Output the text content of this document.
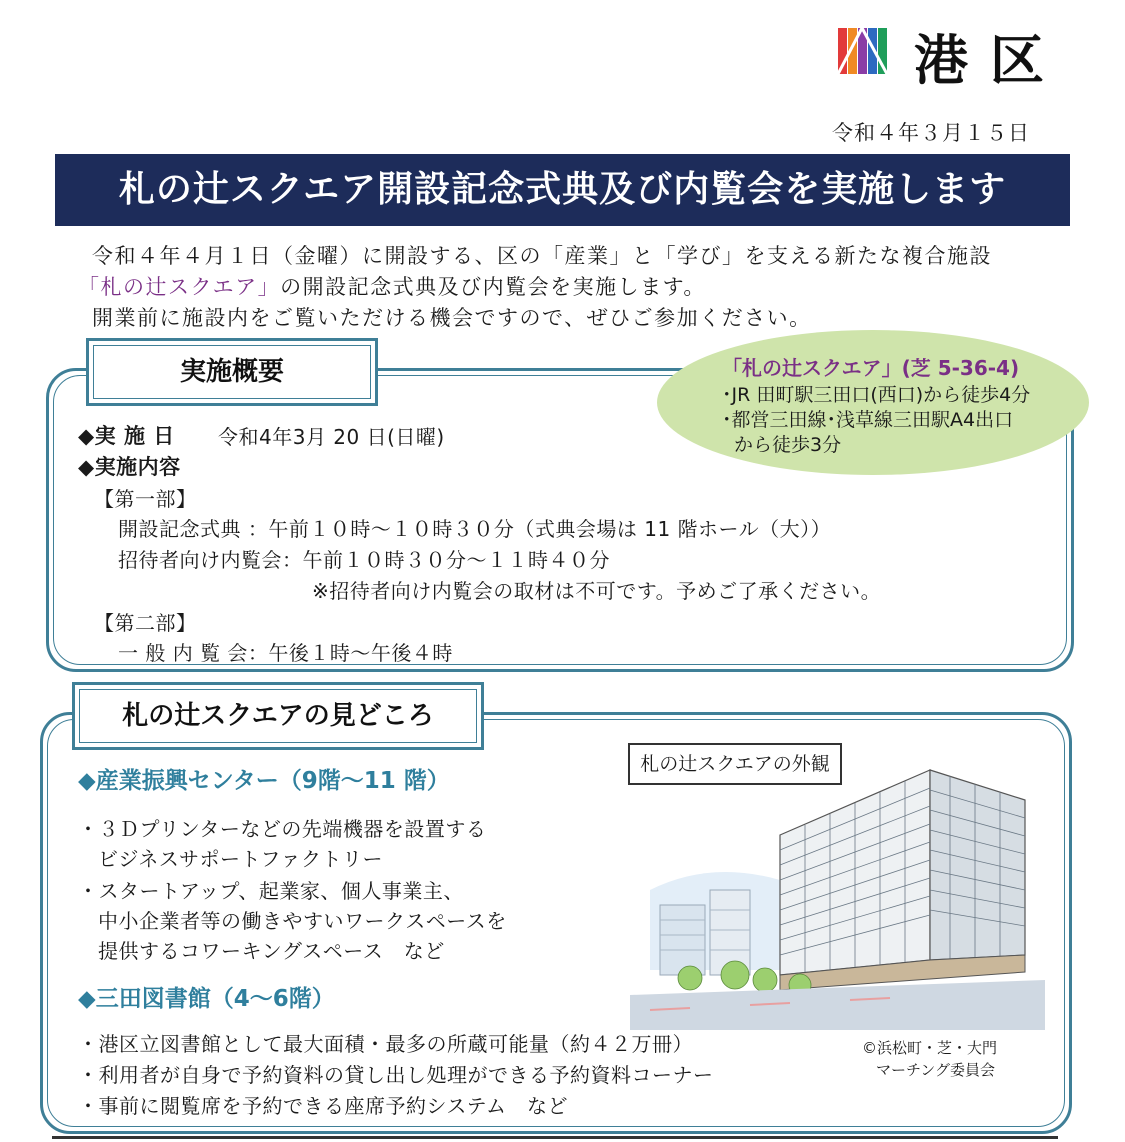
港区
令和４年３月１５日
札の辻スクエア開設記念式典及び内覧会を実施します
令和４年４月１日（金曜）に開設する、区の「産業」と「学び」を支える新たな複合施設
「札の辻スクエア」の開設記念式典及び内覧会を実施します。
開業前に施設内をご覧いただける機会ですので、ぜひご参加ください。
実施概要
◆実 施 日 令和4年3月 20 日(日曜)
◆実施内容
【第一部】
開設記念式典 ：午前１０時～１０時３０分（式典会場は 11 階ホール（大））
招待者向け内覧会：午前１０時３０分～１１時４０分
※招待者向け内覧会の取材は不可です。予めご了承ください。
【第二部】
一 般 内 覧 会：午後１時～午後４時
「札の辻スクエア」(芝 5-36-4)
･JR 田町駅三田口(西口)から徒歩4分
･都営三田線･浅草線三田駅A4出口
から徒歩3分
札の辻スクエアの見どころ
◆産業振興センター（9階～11 階）
・３Ｄプリンターなどの先端機器を設置する
ビジネスサポートファクトリー
・スタートアップ、起業家、個人事業主、
中小企業者等の働きやすいワークスペースを
提供するコワーキングスペース　など
◆三田図書館（4～6階）
・港区立図書館として最大面積・最多の所蔵可能量（約４２万冊）
・利用者が自身で予約資料の貸し出し処理ができる予約資料コーナー
・事前に閲覧席を予約できる座席予約システム　など
札の辻スクエアの外観
©浜松町・芝・大門
マーチング委員会
